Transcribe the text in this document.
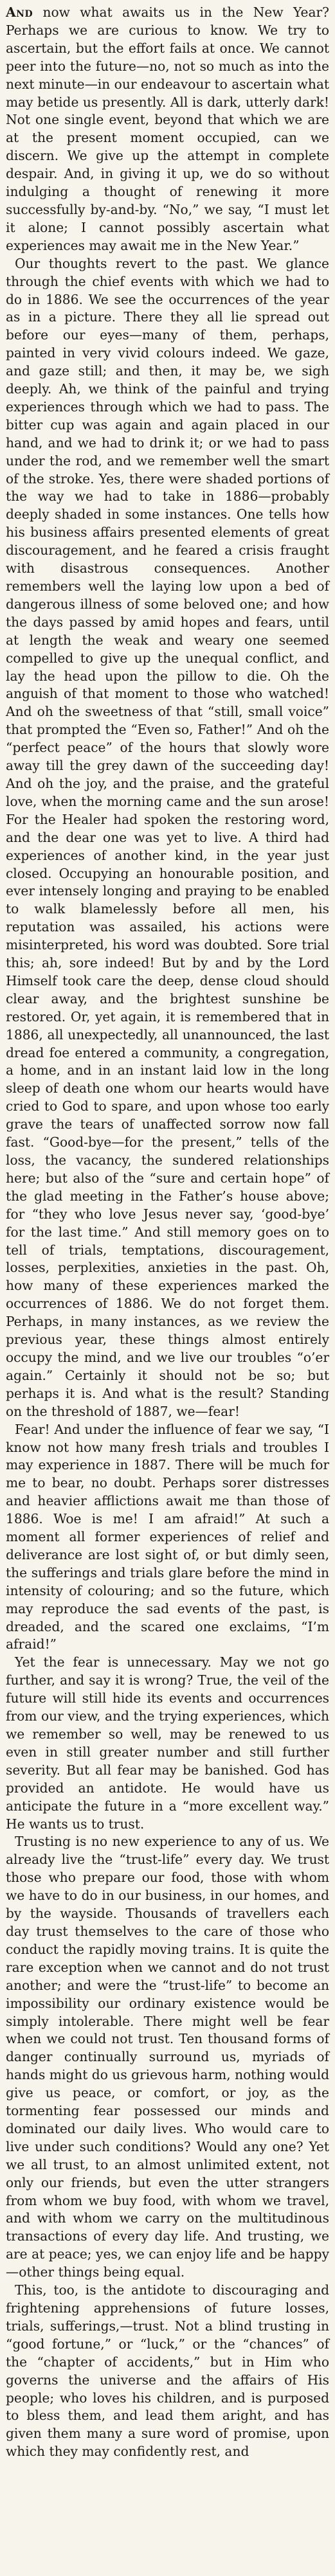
And now what awaits us in the New Year? Perhaps we are curious to know. We try to ascertain, but the effort fails at once. We cannot peer into the future—no, not so much as into the next minute—in our endeavour to ascertain what may betide us presently. All is dark, utterly dark! Not one single event, beyond that which we are at the present moment occupied, can we discern. We give up the attempt in complete despair. And, in giving it up, we do so without indulging a thought of renewing it more successfully by-and-by. “No,” we say, “I must let it alone; I cannot possibly ascertain what experiences may await me in the New Year.”

Our thoughts revert to the past. We glance through the chief events with which we had to do in 1886. We see the occurrences of the year as in a picture. There they all lie spread out before our eyes—many of them, perhaps, painted in very vivid colours indeed. We gaze, and gaze still; and then, it may be, we sigh deeply. Ah, we think of the painful and trying experiences through which we had to pass. The bitter cup was again and again placed in our hand, and we had to drink it; or we had to pass under the rod, and we remember well the smart of the stroke. Yes, there were shaded portions of the way we had to take in 1886—probably deeply shaded in some instances. One tells how his business affairs presented elements of great discouragement, and he feared a crisis fraught with disastrous consequences. Another remembers well the laying low upon a bed of dangerous illness of some beloved one; and how the days passed by amid hopes and fears, until at length the weak and weary one seemed compelled to give up the unequal conflict, and lay the head upon the pillow to die. Oh the anguish of that moment to those who watched! And oh the sweetness of that “still, small voice” that prompted the “Even so, Father!” And oh the “perfect peace” of the hours that slowly wore away till the grey dawn of the succeeding day! And oh the joy, and the praise, and the grateful love, when the morning came and the sun arose! For the Healer had spoken the restoring word, and the dear one was yet to live. A third had experiences of another kind, in the year just closed. Occupying an honourable position, and ever intensely longing and praying to be enabled to walk blamelessly before all men, his reputation was assailed, his actions were misinterpreted, his word was doubted. Sore trial this; ah, sore indeed! But by and by the Lord Himself took care the deep, dense cloud should clear away, and the brightest sunshine be restored. Or, yet again, it is remembered that in 1886, all unexpectedly, all unannounced, the last dread foe entered a community, a congregation, a home, and in an instant laid low in the long sleep of death one whom our hearts would have cried to God to spare, and upon whose too early grave the tears of unaffected sorrow now fall fast. “Good-bye—for the present,” tells of the loss, the vacancy, the sundered relationships here; but also of the “sure and certain hope” of the glad meeting in the Father’s house above; for “they who love Jesus never say, ‘good-bye’ for the last time.” And still memory goes on to tell of trials, temptations, discouragement, losses, perplexities, anxieties in the past. Oh, how many of these experiences marked the occurrences of 1886. We do not forget them. Perhaps, in many instances, as we review the previous year, these things almost entirely occupy the mind, and we live our troubles “o’er again.” Certainly it should not be so; but perhaps it is. And what is the result? Standing on the threshold of 1887, we—fear!

Fear! And under the influence of fear we say, “I know not how many fresh trials and troubles I may experience in 1887. There will be much for me to bear, no doubt. Perhaps sorer distresses and heavier afflictions await me than those of 1886. Woe is me! I am afraid!” At such a moment all former experiences of relief and deliverance are lost sight of, or but dimly seen, the sufferings and trials glare before the mind in intensity of colouring; and so the future, which may reproduce the sad events of the past, is dreaded, and the scared one exclaims, “I’m afraid!”

Yet the fear is unnecessary. May we not go further, and say it is wrong? True, the veil of the future will still hide its events and occurrences from our view, and the trying experiences, which we remember so well, may be renewed to us even in still greater number and still further severity. But all fear may be banished. God has provided an antidote. He would have us anticipate the future in a “more excellent way.” He wants us to trust.

Trusting is no new experience to any of us. We already live the “trust-life” every day. We trust those who prepare our food, those with whom we have to do in our business, in our homes, and by the wayside. Thousands of travellers each day trust themselves to the care of those who conduct the rapidly moving trains. It is quite the rare exception when we cannot and do not trust another; and were the “trust-life” to become an impossibility our ordinary existence would be simply intolerable. There might well be fear when we could not trust. Ten thousand forms of danger continually surround us, myriads of hands might do us grievous harm, nothing would give us peace, or comfort, or joy, as the tormenting fear possessed our minds and dominated our daily lives. Who would care to live under such conditions? Would any one? Yet we all trust, to an almost unlimited extent, not only our friends, but even the utter strangers from whom we buy food, with whom we travel, and with whom we carry on the multitudinous transactions of every day life. And trusting, we are at peace; yes, we can enjoy life and be happy—other things being equal.

This, too, is the antidote to discouraging and frightening apprehensions of future losses, trials, sufferings,—trust. Not a blind trusting in “good fortune,” or “luck,” or the “chances” of the “chapter of accidents,” but in Him who governs the universe and the affairs of His people; who loves his children, and is purposed to bless them, and lead them aright, and has given them many a sure word of promise, upon which they may confidently rest, and
